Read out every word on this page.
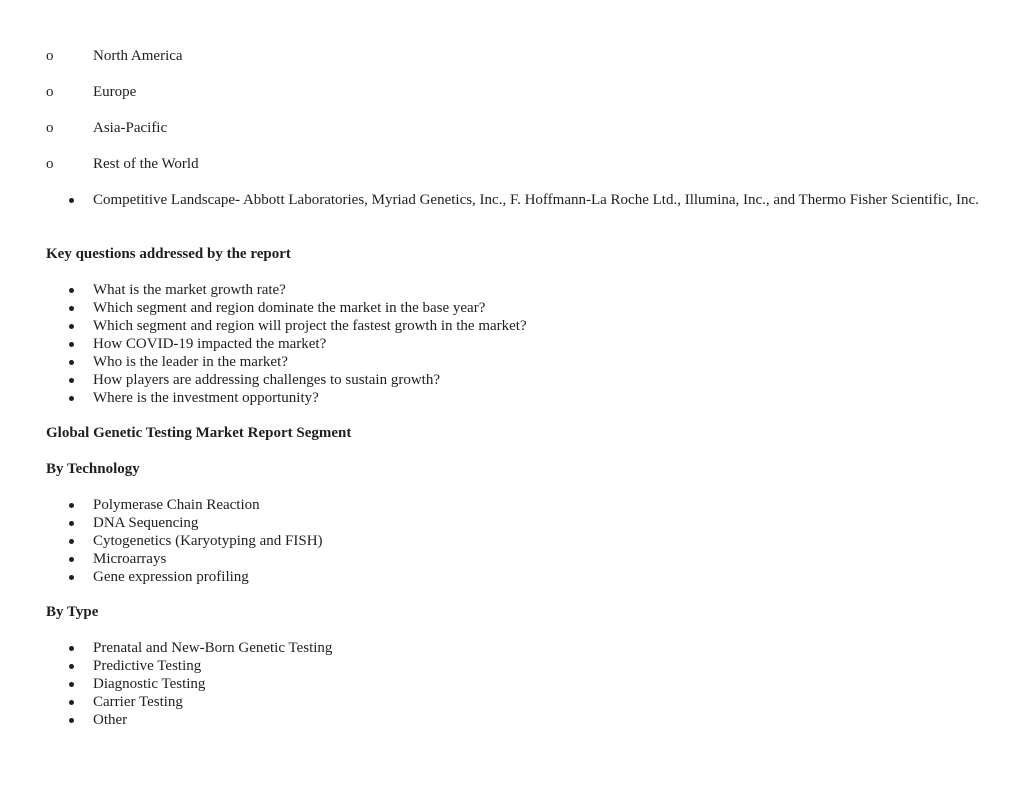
o	North America
o	Europe
o	Asia-Pacific
o	Rest of the World
Competitive Landscape- Abbott Laboratories, Myriad Genetics, Inc., F. Hoffmann-La Roche Ltd., Illumina, Inc., and Thermo Fisher Scientific, Inc.
Key questions addressed by the report
What is the market growth rate?
Which segment and region dominate the market in the base year?
Which segment and region will project the fastest growth in the market?
How COVID-19 impacted the market?
Who is the leader in the market?
How players are addressing challenges to sustain growth?
Where is the investment opportunity?
Global Genetic Testing Market Report Segment
By Technology
Polymerase Chain Reaction
DNA Sequencing
Cytogenetics (Karyotyping and FISH)
Microarrays
Gene expression profiling
By Type
Prenatal and New-Born Genetic Testing
Predictive Testing
Diagnostic Testing
Carrier Testing
Other
